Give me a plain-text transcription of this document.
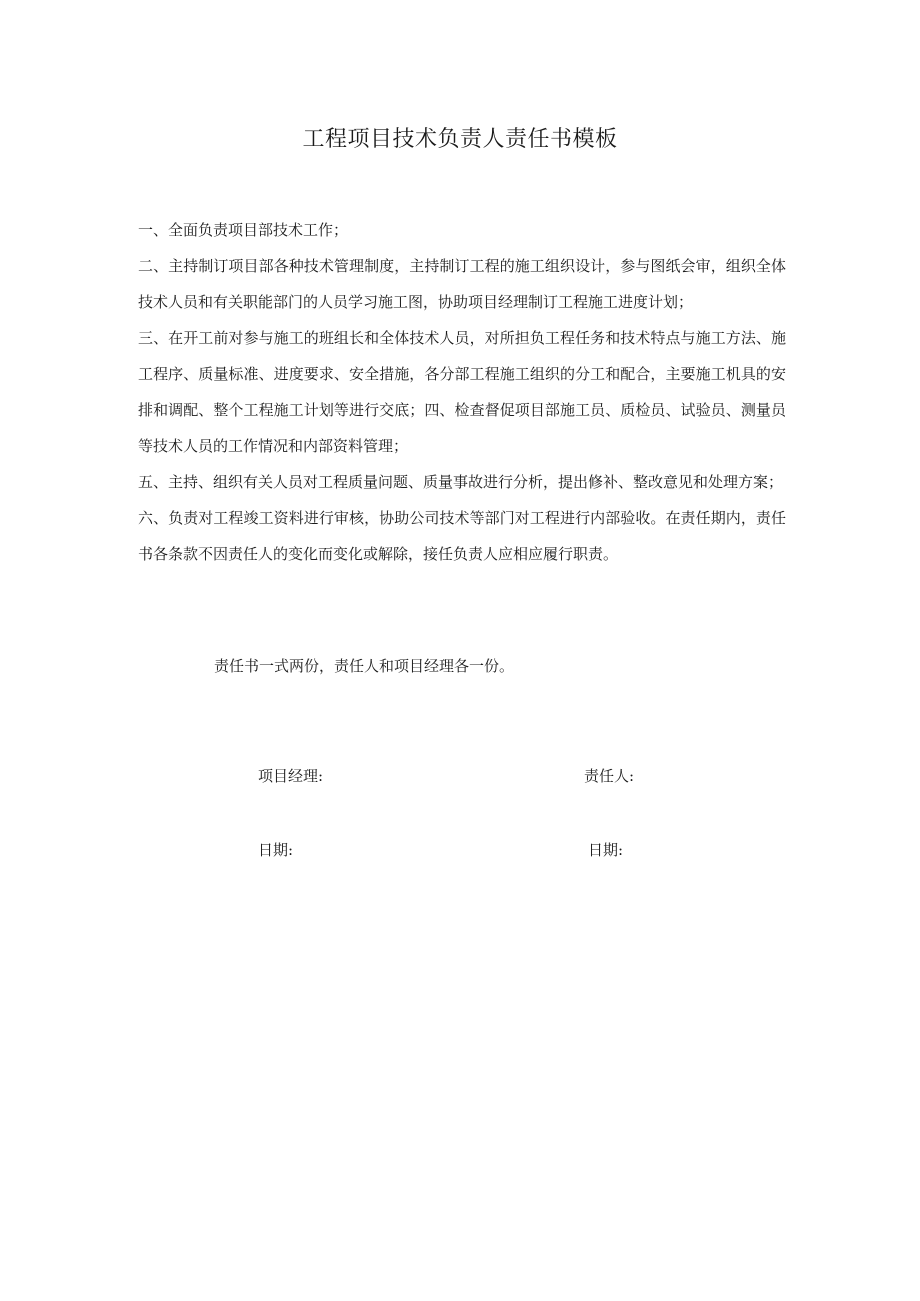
工程项目技术负责人责任书模板

一、全面负责项目部技术工作；

二、主持制订项目部各种技术管理制度，主持制订工程的施工组织设计，参与图纸会审，组织全体技术人员和有关职能部门的人员学习施工图，协助项目经理制订工程施工进度计划；

三、在开工前对参与施工的班组长和全体技术人员，对所担负工程任务和技术特点与施工方法、施工程序、质量标准、进度要求、安全措施，各分部工程施工组织的分工和配合，主要施工机具的安排和调配、整个工程施工计划等进行交底；四、检查督促项目部施工员、质检员、试验员、测量员等技术人员的工作情况和内部资料管理；

五、主持、组织有关人员对工程质量问题、质量事故进行分析，提出修补、整改意见和处理方案；

六、负责对工程竣工资料进行审核，协助公司技术等部门对工程进行内部验收。在责任期内，责任书各条款不因责任人的变化而变化或解除，接任负责人应相应履行职责。

责任书一式两份，责任人和项目经理各一份。

项目经理:	责任人:

日期:	日期:
